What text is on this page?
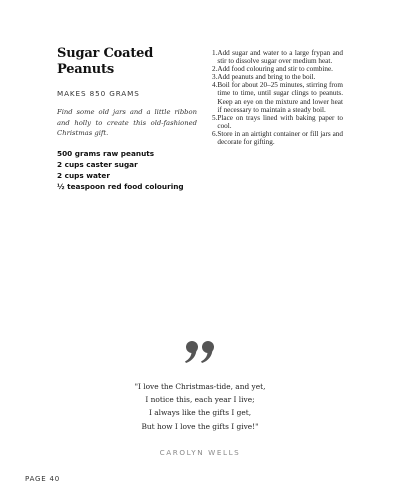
Sugar Coated Peanuts
MAKES 850 GRAMS
Find some old jars and a little ribbon and holly to create this old-fashioned Christmas gift.
500 grams raw peanuts
2 cups caster sugar
2 cups water
½ teaspoon red food colouring
1. Add sugar and water to a large frypan and stir to dissolve sugar over medium heat.
2. Add food colouring and stir to combine.
3. Add peanuts and bring to the boil.
4. Boil for about 20–25 minutes, stirring from time to time, until sugar clings to peanuts. Keep an eye on the mixture and lower heat if necessary to maintain a steady boil.
5. Place on trays lined with baking paper to cool.
6. Store in an airtight container or fill jars and decorate for gifting.
"I love the Christmas-tide, and yet,
I notice this, each year I live;
I always like the gifts I get,
But how I love the gifts I give!"
CAROLYN WELLS
PAGE 40
